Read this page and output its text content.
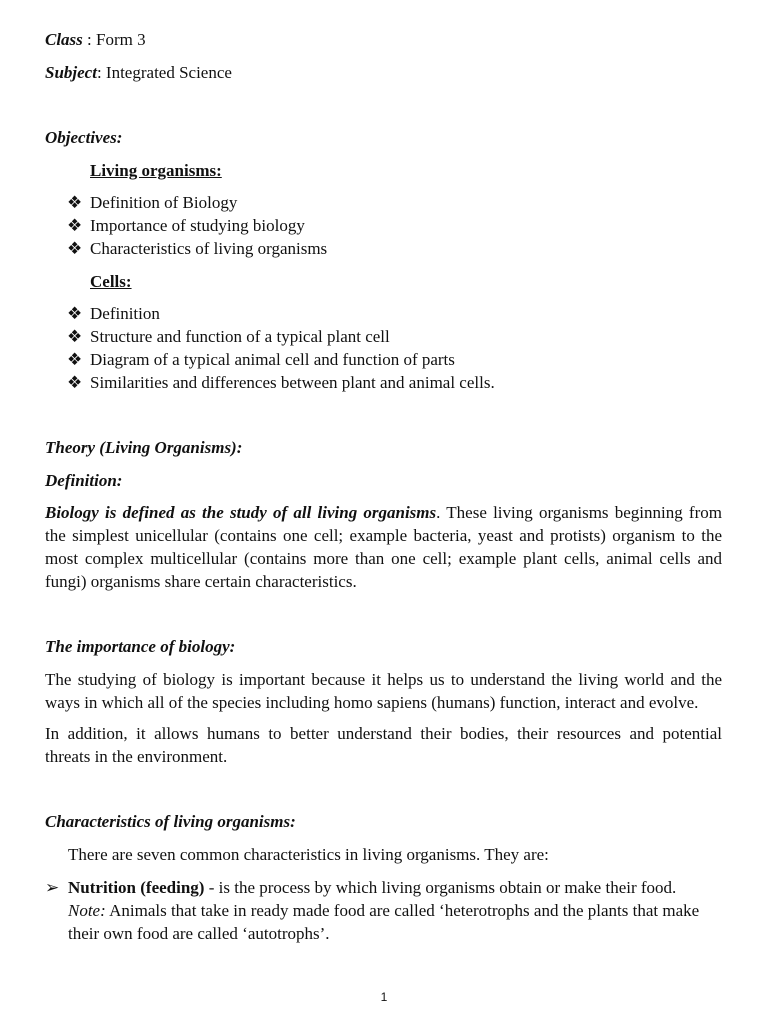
Class : Form 3
Subject: Integrated Science
Objectives:
Living organisms:
❖ Definition of Biology
❖ Importance of studying biology
❖ Characteristics of living organisms
Cells:
❖ Definition
❖ Structure and function of a typical plant cell
❖ Diagram of a typical animal cell and function of parts
❖ Similarities and differences between plant and animal cells.
Theory (Living Organisms):
Definition:
Biology is defined as the study of all living organisms. These living organisms beginning from
the simplest unicellular (contains one cell; example bacteria, yeast and protists) organism to the
most complex multicellular (contains more than one cell; example plant cells, animal cells and
fungi) organisms share certain characteristics.
The importance of biology:
The studying of biology is important because it helps us to understand the living world and the
ways in which all of the species including homo sapiens (humans) function, interact and evolve.
In addition, it allows humans to better understand their bodies, their resources and potential
threats in the environment.
Characteristics of living organisms:
There are seven common characteristics in living organisms. They are:
➢ Nutrition (feeding) - is the process by which living organisms obtain or make their food.
Note: Animals that take in ready made food are called ‘heterotrophs and the plants that make
their own food are called ‘autotrophs’.
1
